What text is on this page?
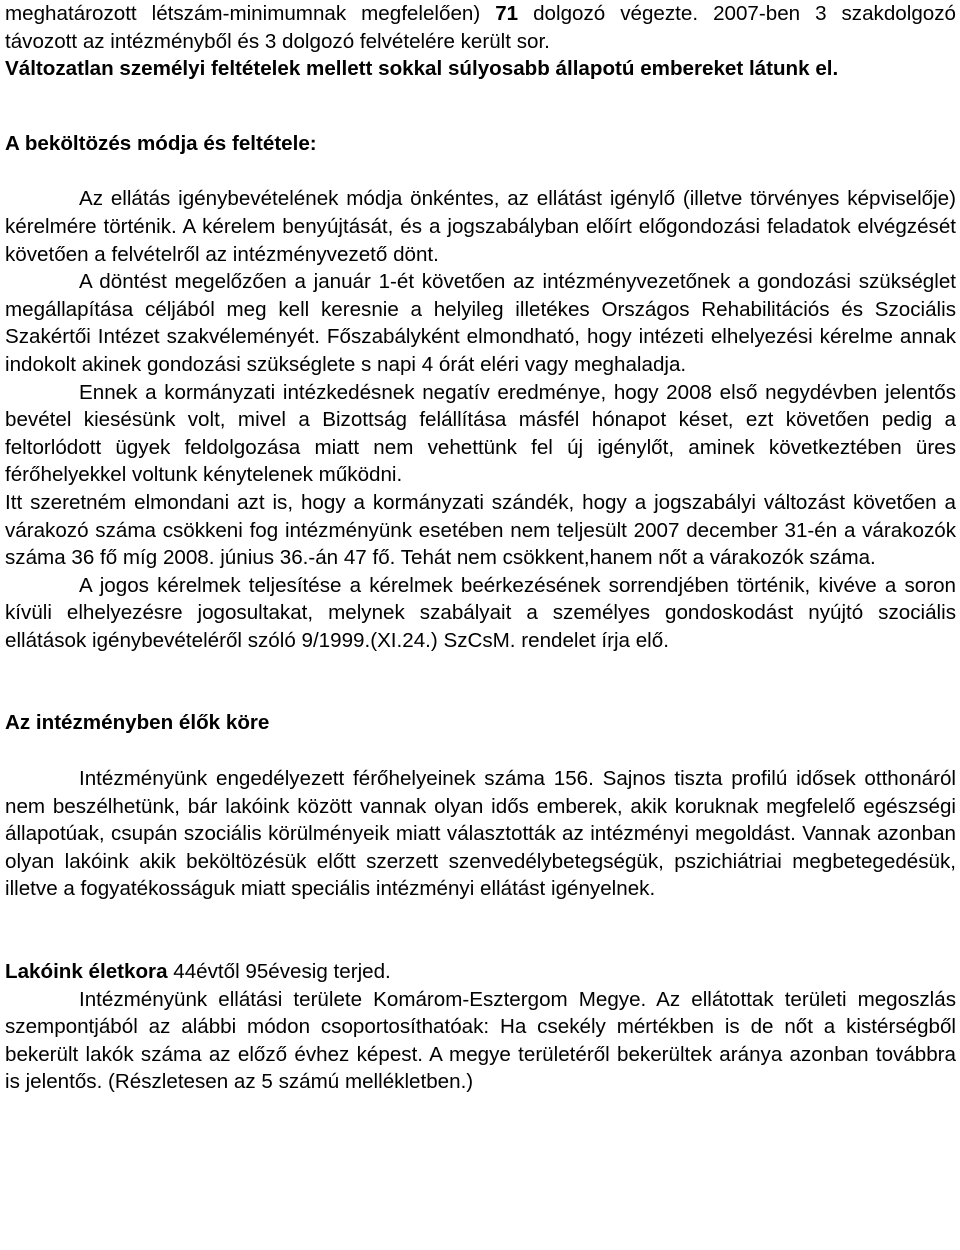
meghatározott létszám-minimumnak megfelelően) 71 dolgozó végezte. 2007-ben 3 szakdolgozó távozott az intézményből és 3 dolgozó felvételére került sor.

Változatlan személyi feltételek mellett sokkal súlyosabb állapotú embereket látunk el.

A beköltözés módja és feltétele:

Az ellátás igénybevételének módja önkéntes, az ellátást igénylő (illetve törvényes képviselője) kérelmére történik. A kérelem benyújtását, és a jogszabályban előírt előgondozási feladatok elvégzését követően a felvételről az intézményvezető dönt.

A döntést megelőzően a január 1-ét követően az intézményvezetőnek a gondozási szükséglet megállapítása céljából meg kell keresnie a helyileg illetékes Országos Rehabilitációs és Szociális Szakértői Intézet szakvéleményét. Főszabályként elmondható, hogy intézeti elhelyezési kérelme annak indokolt akinek gondozási szükséglete s napi 4 órát eléri vagy meghaladja.

Ennek a kormányzati intézkedésnek negatív eredménye, hogy 2008 első negydévben jelentős bevétel kiesésünk volt, mivel a Bizottság felállítása másfél hónapot késet, ezt követően pedig a feltorlódott ügyek feldolgozása miatt nem vehettünk fel új igénylőt, aminek következtében üres férőhelyekkel voltunk kénytelenek működni.

Itt szeretném elmondani azt is, hogy a kormányzati szándék, hogy a jogszabályi változást követően a várakozó száma csökkeni fog intézményünk esetében nem teljesült 2007 december 31-én a várakozók száma 36 fő míg 2008. június 36.-án 47 fő. Tehát nem csökkent,hanem nőt a várakozók száma.

A jogos kérelmek teljesítése a kérelmek beérkezésének sorrendjében történik, kivéve a soron kívüli elhelyezésre jogosultakat, melynek szabályait a személyes gondoskodást nyújtó szociális ellátások igénybevételéről szóló 9/1999.(XI.24.) SzCsM. rendelet írja elő.

Az intézményben élők köre

Intézményünk engedélyezett férőhelyeinek száma 156. Sajnos tiszta profilú idősek otthonáról nem beszélhetünk, bár lakóink között vannak olyan idős emberek, akik koruknak megfelelő egészségi állapotúak, csupán szociális körülményeik miatt választották az intézményi megoldást. Vannak azonban olyan lakóink akik beköltözésük előtt szerzett szenvedélybetegségük, pszichiátriai megbetegedésük, illetve a fogyatékosságuk miatt speciális intézményi ellátást igényelnek.

Lakóink életkora 44évtől 95évesig terjed.

Intézményünk ellátási területe Komárom-Esztergom Megye. Az ellátottak területi megoszlás szempontjából az alábbi módon csoportosíthatóak: Ha csekély mértékben is de nőt a kistérségből bekerült lakók száma az előző évhez képest. A megye területéről bekerültek aránya azonban továbbra is jelentős. (Részletesen az 5 számú mellékletben.)
